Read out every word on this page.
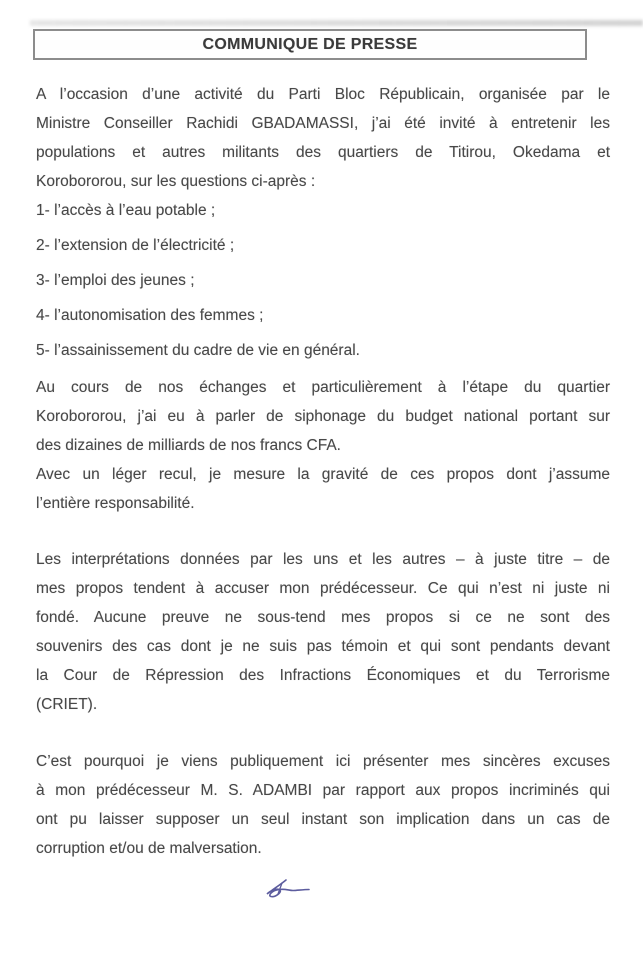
COMMUNIQUE DE PRESSE
A l’occasion d’une activité du Parti Bloc Républicain, organisée par le
Ministre Conseiller Rachidi GBADAMASSI, j’ai été invité à entretenir les
populations et autres militants des quartiers de Titirou, Okedama et
Korobororou, sur les questions ci-après :
1- l’accès à l’eau potable ;
2- l’extension de l’électricité ;
3- l’emploi des jeunes ;
4- l’autonomisation des femmes ;
5- l’assainissement du cadre de vie en général.
Au cours de nos échanges et particulièrement à l’étape du quartier
Korobororou, j’ai eu à parler de siphonage du budget national portant sur
des dizaines de milliards de nos francs CFA.
Avec un léger recul, je mesure la gravité de ces propos dont j’assume
l’entière responsabilité.
Les interprétations données par les uns et les autres – à juste titre – de
mes propos tendent à accuser mon prédécesseur. Ce qui n’est ni juste ni
fondé. Aucune preuve ne sous-tend mes propos si ce ne sont des
souvenirs des cas dont je ne suis pas témoin et qui sont pendants devant
la Cour de Répression des Infractions Économiques et du Terrorisme
(CRIET).
C’est pourquoi je viens publiquement ici présenter mes sincères excuses
à mon prédécesseur M. S. ADAMBI par rapport aux propos incriminés qui
ont pu laisser supposer un seul instant son implication dans un cas de
corruption et/ou de malversation.
